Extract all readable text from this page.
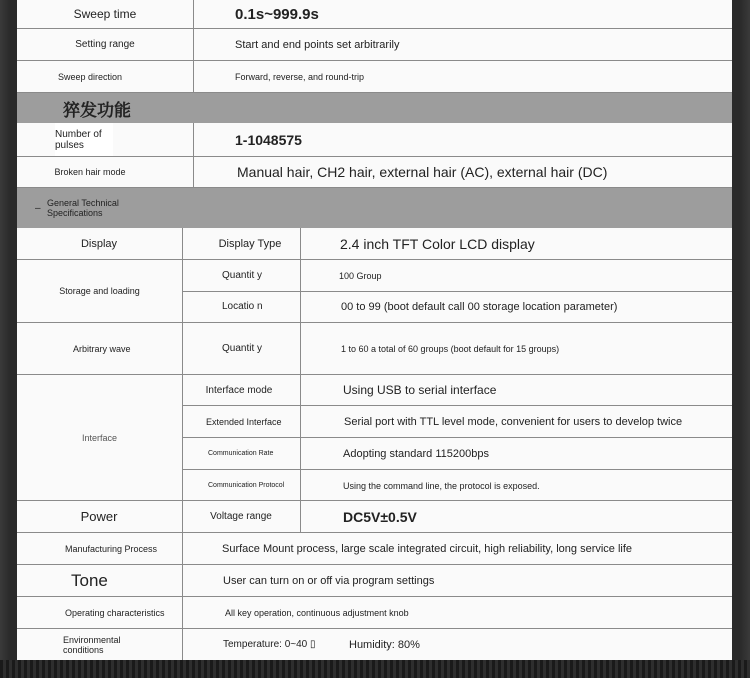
Sweep time	0.1s~999.9s
Setting range	Start and end points set arbitrarily
Sweep direction	Forward, reverse, and round-trip
猝发功能
Number of pulses	1-1048575
Broken hair mode	Manual hair, CH2 hair, external hair (AC), external hair (DC)
– General Technical Specifications
Display	Display Type	2.4 inch TFT Color LCD display
Storage and loading
Quantit y	100 Group
Locatio n	00 to 99 (boot default call 00 storage location parameter)
Arbitrary wave	Quantit y	1 to 60 a total of 60 groups (boot default for 15 groups)
Interface
Interface mode	Using USB to serial interface
Extended Interface	Serial port with TTL level mode, convenient for users to develop twice
Communication Rate	Adopting standard 115200bps
Communication Protocol	Using the command line, the protocol is exposed.
Power	Voltage range	DC5V±0.5V
Manufacturing Process	Surface Mount process, large scale integrated circuit, high reliability, long service life
Tone	User can turn on or off via program settings
Operating characteristics	All key operation, continuous adjustment knob
Environmental conditions	Temperature: 0~40 ▯	Humidity: 80%
